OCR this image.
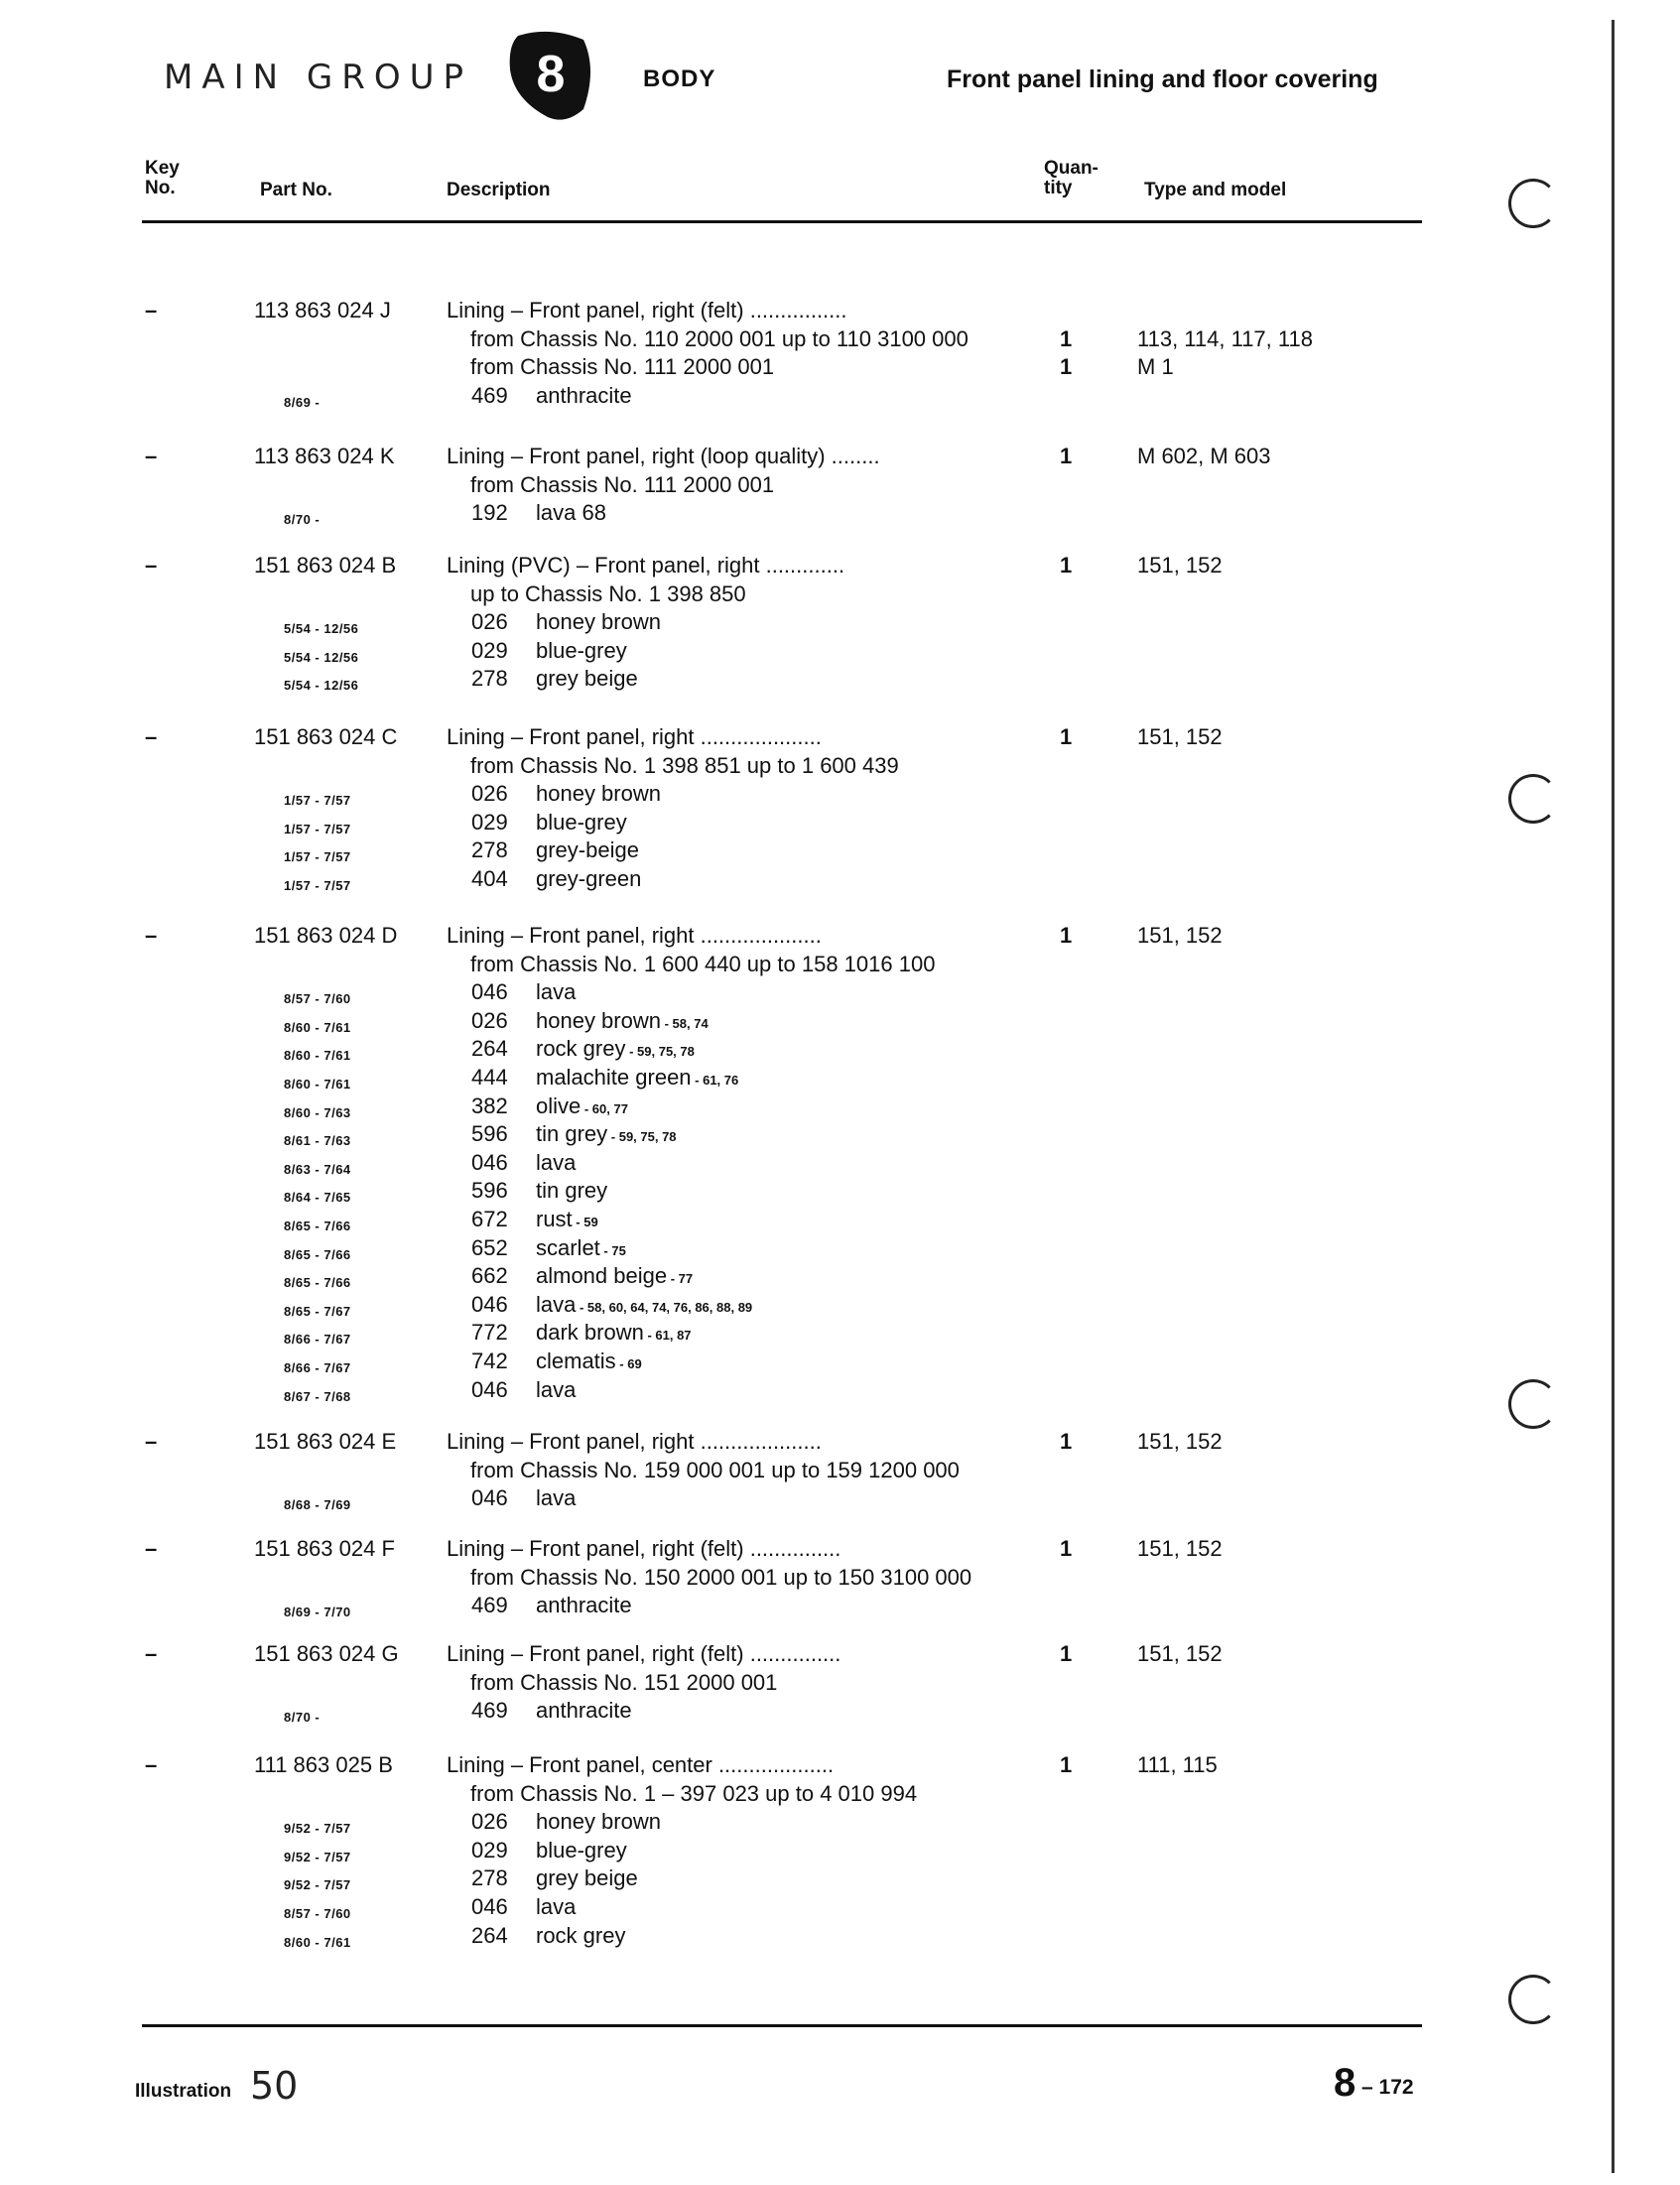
MAIN GROUP 8	BODY	Front panel lining and floor covering
Key No.	Part No.	Description
Quan- tity	Type and model
–	113 863 024 J	Lining – Front panel, right (felt) ................
from Chassis No. 110 2000 001 up to 110 3100 000	1	113, 114, 117, 118
from Chassis No. 111 2000 001	1	M 1
8/69 -	469	anthracite
–	113 863 024 K Lining – Front panel, right (loop quality) ........	1	M 602, M 603
from Chassis No. 111 2000 001
8/70 -	192	lava 68
–	151 863 024 B Lining (PVC) – Front panel, right .............	1	151, 152
up to Chassis No. 1 398 850
5/54 - 12/56	026	honey brown
5/54 - 12/56	029	blue-grey
5/54 - 12/56	278	grey beige
–	151 863 024 C Lining – Front panel, right ....................	1	151, 152
from Chassis No. 1 398 851 up to 1 600 439
1/57 - 7/57	026	honey brown
1/57 - 7/57	029	blue-grey
1/57 - 7/57	278	grey-beige
1/57 - 7/57	404	grey-green
–	151 863 024 D Lining – Front panel, right ....................	1	151, 152
from Chassis No. 1 600 440 up to 158 1016 100
8/57 - 7/60	046	lava
8/60 - 7/61	026	honey brown - 58, 74
8/60 - 7/61	264	rock grey - 59, 75, 78
8/60 - 7/61	444	malachite green - 61, 76
8/60 - 7/63	382	olive - 60, 77
8/61 - 7/63	596	tin grey - 59, 75, 78
8/63 - 7/64	046	lava
8/64 - 7/65	596	tin grey
8/65 - 7/66	672	rust - 59
8/65 - 7/66	652	scarlet - 75
8/65 - 7/66	662	almond beige - 77
8/65 - 7/67	046	lava - 58, 60, 64, 74, 76, 86, 88, 89
8/66 - 7/67	772	dark brown - 61, 87
8/66 - 7/67	742	clematis - 69
8/67 - 7/68	046	lava
–	151 863 024 E Lining – Front panel, right ....................	1	151, 152
from Chassis No. 159 000 001 up to 159 1200 000
8/68 - 7/69	046	lava
–	151 863 024 F Lining – Front panel, right (felt) ...............	1	151, 152
from Chassis No. 150 2000 001 up to 150 3100 000
8/69 - 7/70	469	anthracite
–	151 863 024 G Lining – Front panel, right (felt) ...............	1	151, 152
from Chassis No. 151 2000 001
8/70 -	469	anthracite
–	111 863 025 B Lining – Front panel, center ...................	1	111, 115
from Chassis No. 1 – 397 023 up to 4 010 994
9/52 - 7/57	026	honey brown
9/52 - 7/57	029	blue-grey
9/52 - 7/57	278	grey beige
8/57 - 7/60	046	lava
8/60 - 7/61	264	rock grey
Illustration 50	8 – 172
